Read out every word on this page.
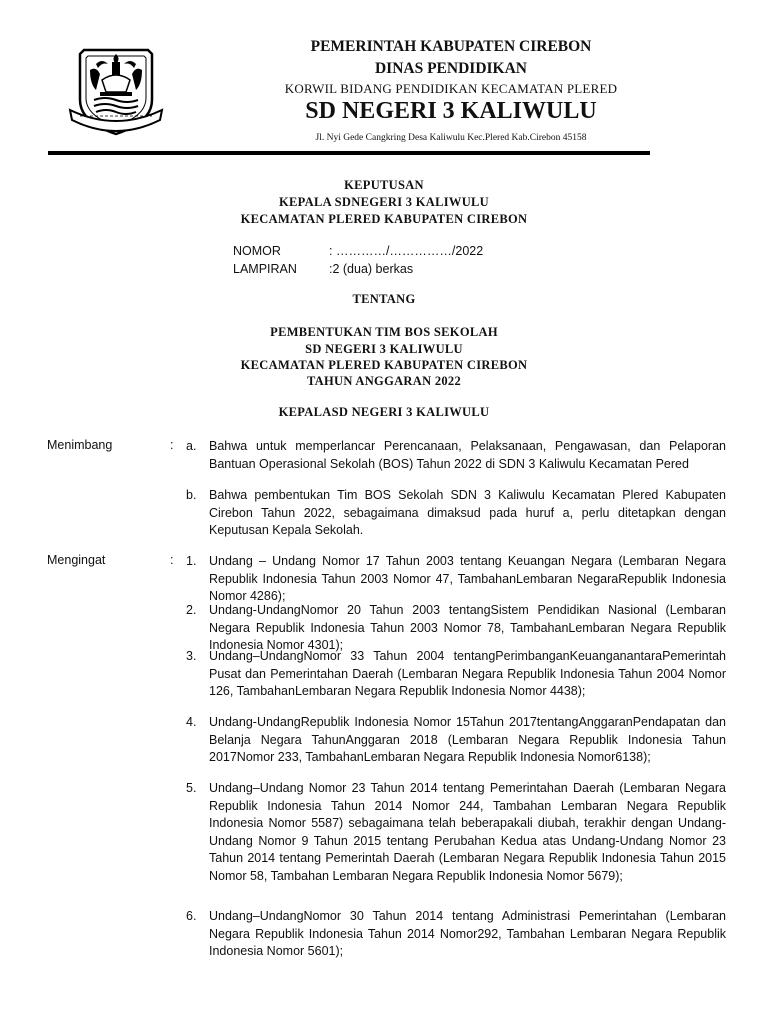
PEMERINTAH KABUPATEN CIREBON
DINAS PENDIDIKAN
KORWIL BIDANG PENDIDIKAN KECAMATAN PLERED
SD NEGERI 3 KALIWULU
Jl. Nyi Gede Cangkring Desa Kaliwulu Kec.Plered Kab.Cirebon 45158
KEPUTUSAN
KEPALA SDNEGERI 3 KALIWULU
KECAMATAN PLERED KABUPATEN CIREBON
NOMOR	: …………/……………/2022
LAMPIRAN	:2 (dua) berkas
TENTANG
PEMBENTUKAN TIM BOS SEKOLAH
SD NEGERI 3 KALIWULU
KECAMATAN PLERED KABUPATEN CIREBON
TAHUN ANGGARAN 2022
KEPALASD NEGERI 3 KALIWULU
Menimbang	: a.	Bahwa untuk memperlancar Perencanaan, Pelaksanaan, Pengawasan, dan Pelaporan Bantuan Operasional Sekolah (BOS) Tahun 2022 di SDN 3 Kaliwulu Kecamatan Pered
b.	Bahwa pembentukan Tim BOS Sekolah SDN 3 Kaliwulu Kecamatan Plered Kabupaten Cirebon Tahun 2022, sebagaimana dimaksud pada huruf a, perlu ditetapkan dengan Keputusan Kepala Sekolah.
Mengingat	: 1.	Undang – Undang Nomor 17 Tahun 2003 tentang Keuangan Negara (Lembaran Negara Republik Indonesia Tahun 2003 Nomor 47, TambahanLembaran NegaraRepublik Indonesia Nomor 4286);
2.	Undang-UndangNomor 20 Tahun 2003 tentangSistem Pendidikan Nasional (Lembaran Negara Republik Indonesia Tahun 2003 Nomor 78, TambahanLembaran Negara Republik Indonesia Nomor 4301);
3.	Undang–UndangNomor 33 Tahun 2004 tentangPerimbanganKeuanganantaraPemerintah Pusat dan Pemerintahan Daerah (Lembaran Negara Republik Indonesia Tahun 2004 Nomor 126, TambahanLembaran Negara Republik Indonesia Nomor 4438);
4.	Undang-UndangRepublik Indonesia Nomor 15Tahun 2017tentangAnggaranPendapatan dan Belanja Negara TahunAnggaran 2018 (Lembaran Negara Republik Indonesia Tahun 2017Nomor 233, TambahanLembaran Negara Republik Indonesia Nomor6138);
5.	Undang–Undang Nomor 23 Tahun 2014 tentang Pemerintahan Daerah (Lembaran Negara Republik Indonesia Tahun 2014 Nomor 244, Tambahan Lembaran Negara Republik Indonesia Nomor 5587) sebagaimana telah beberapakali diubah, terakhir dengan Undang-Undang Nomor 9 Tahun 2015 tentang Perubahan Kedua atas Undang-Undang Nomor 23 Tahun 2014 tentang Pemerintah Daerah (Lembaran Negara Republik Indonesia Tahun 2015 Nomor 58, Tambahan Lembaran Negara Republik Indonesia Nomor 5679);
6.	Undang–UndangNomor 30 Tahun 2014 tentang Administrasi Pemerintahan (Lembaran Negara Republik Indonesia Tahun 2014 Nomor292, Tambahan Lembaran Negara Republik Indonesia Nomor 5601);
